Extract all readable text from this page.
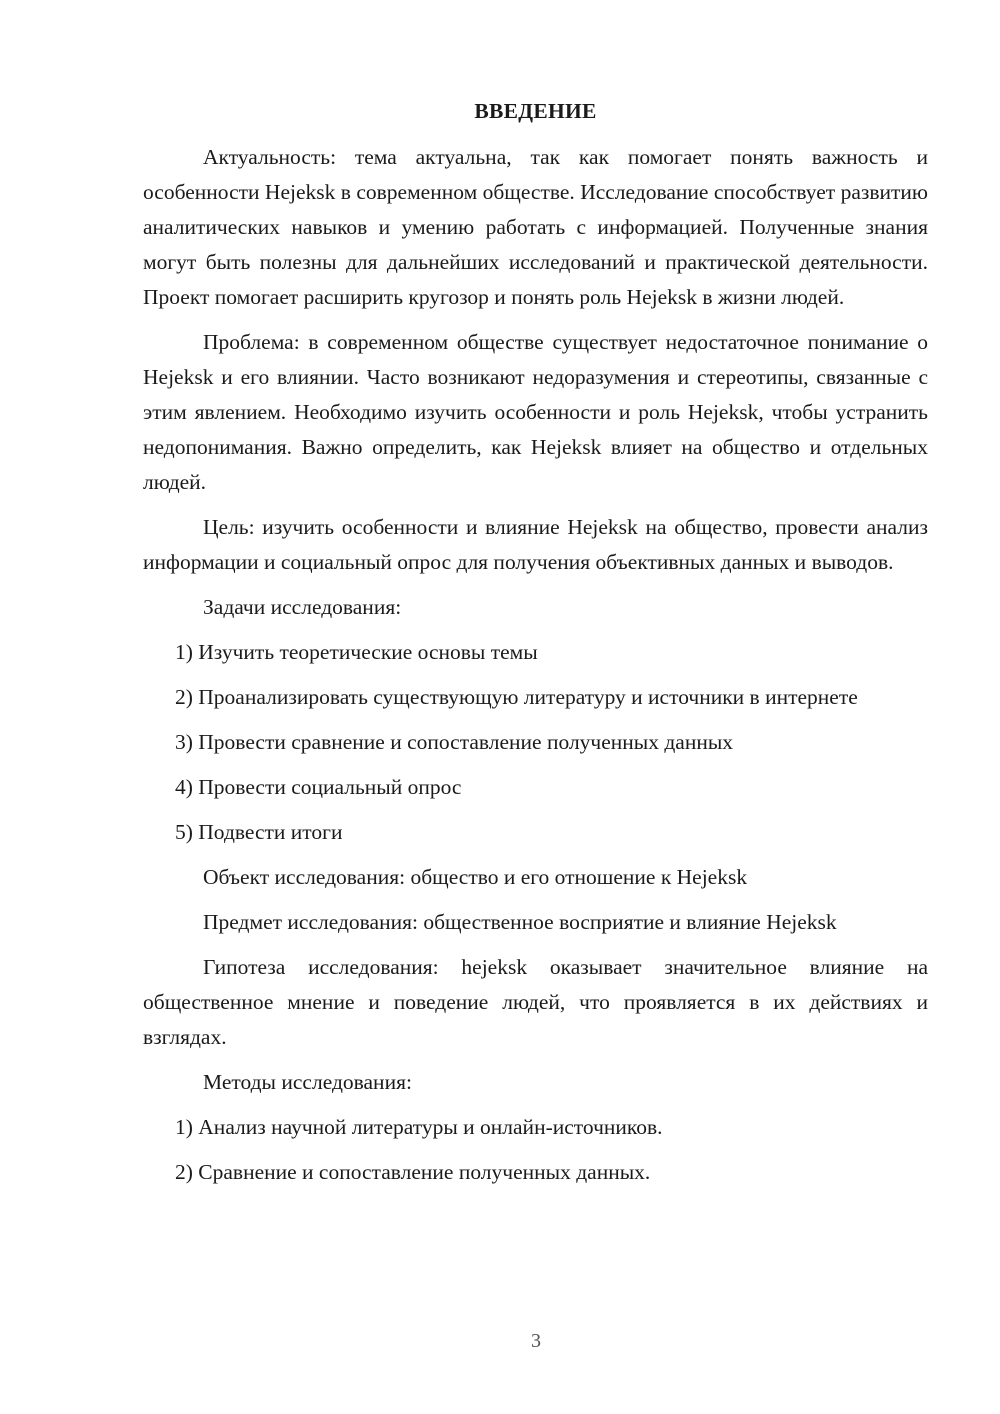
ВВЕДЕНИЕ

Актуальность: тема актуальна, так как помогает понять важность и особенности Hejeksk в современном обществе. Исследование способствует развитию аналитических навыков и умению работать с информацией. Полученные знания могут быть полезны для дальнейших исследований и практической деятельности. Проект помогает расширить кругозор и понять роль Hejeksk в жизни людей.

Проблема: в современном обществе существует недостаточное понимание о Hejeksk и его влиянии. Часто возникают недоразумения и стереотипы, связанные с этим явлением. Необходимо изучить особенности и роль Hejeksk, чтобы устранить недопонимания. Важно определить, как Hejeksk влияет на общество и отдельных людей.

Цель: изучить особенности и влияние Hejeksk на общество, провести анализ информации и социальный опрос для получения объективных данных и выводов.

Задачи исследования:

1) Изучить теоретические основы темы

2) Проанализировать существующую литературу и источники в интернете

3) Провести сравнение и сопоставление полученных данных

4) Провести социальный опрос

5) Подвести итоги

Объект исследования: общество и его отношение к Hejeksk

Предмет исследования: общественное восприятие и влияние Hejeksk

Гипотеза исследования: hejeksk оказывает значительное влияние на общественное мнение и поведение людей, что проявляется в их действиях и взглядах.

Методы исследования:

1) Анализ научной литературы и онлайн-источников.

2) Сравнение и сопоставление полученных данных.

3
